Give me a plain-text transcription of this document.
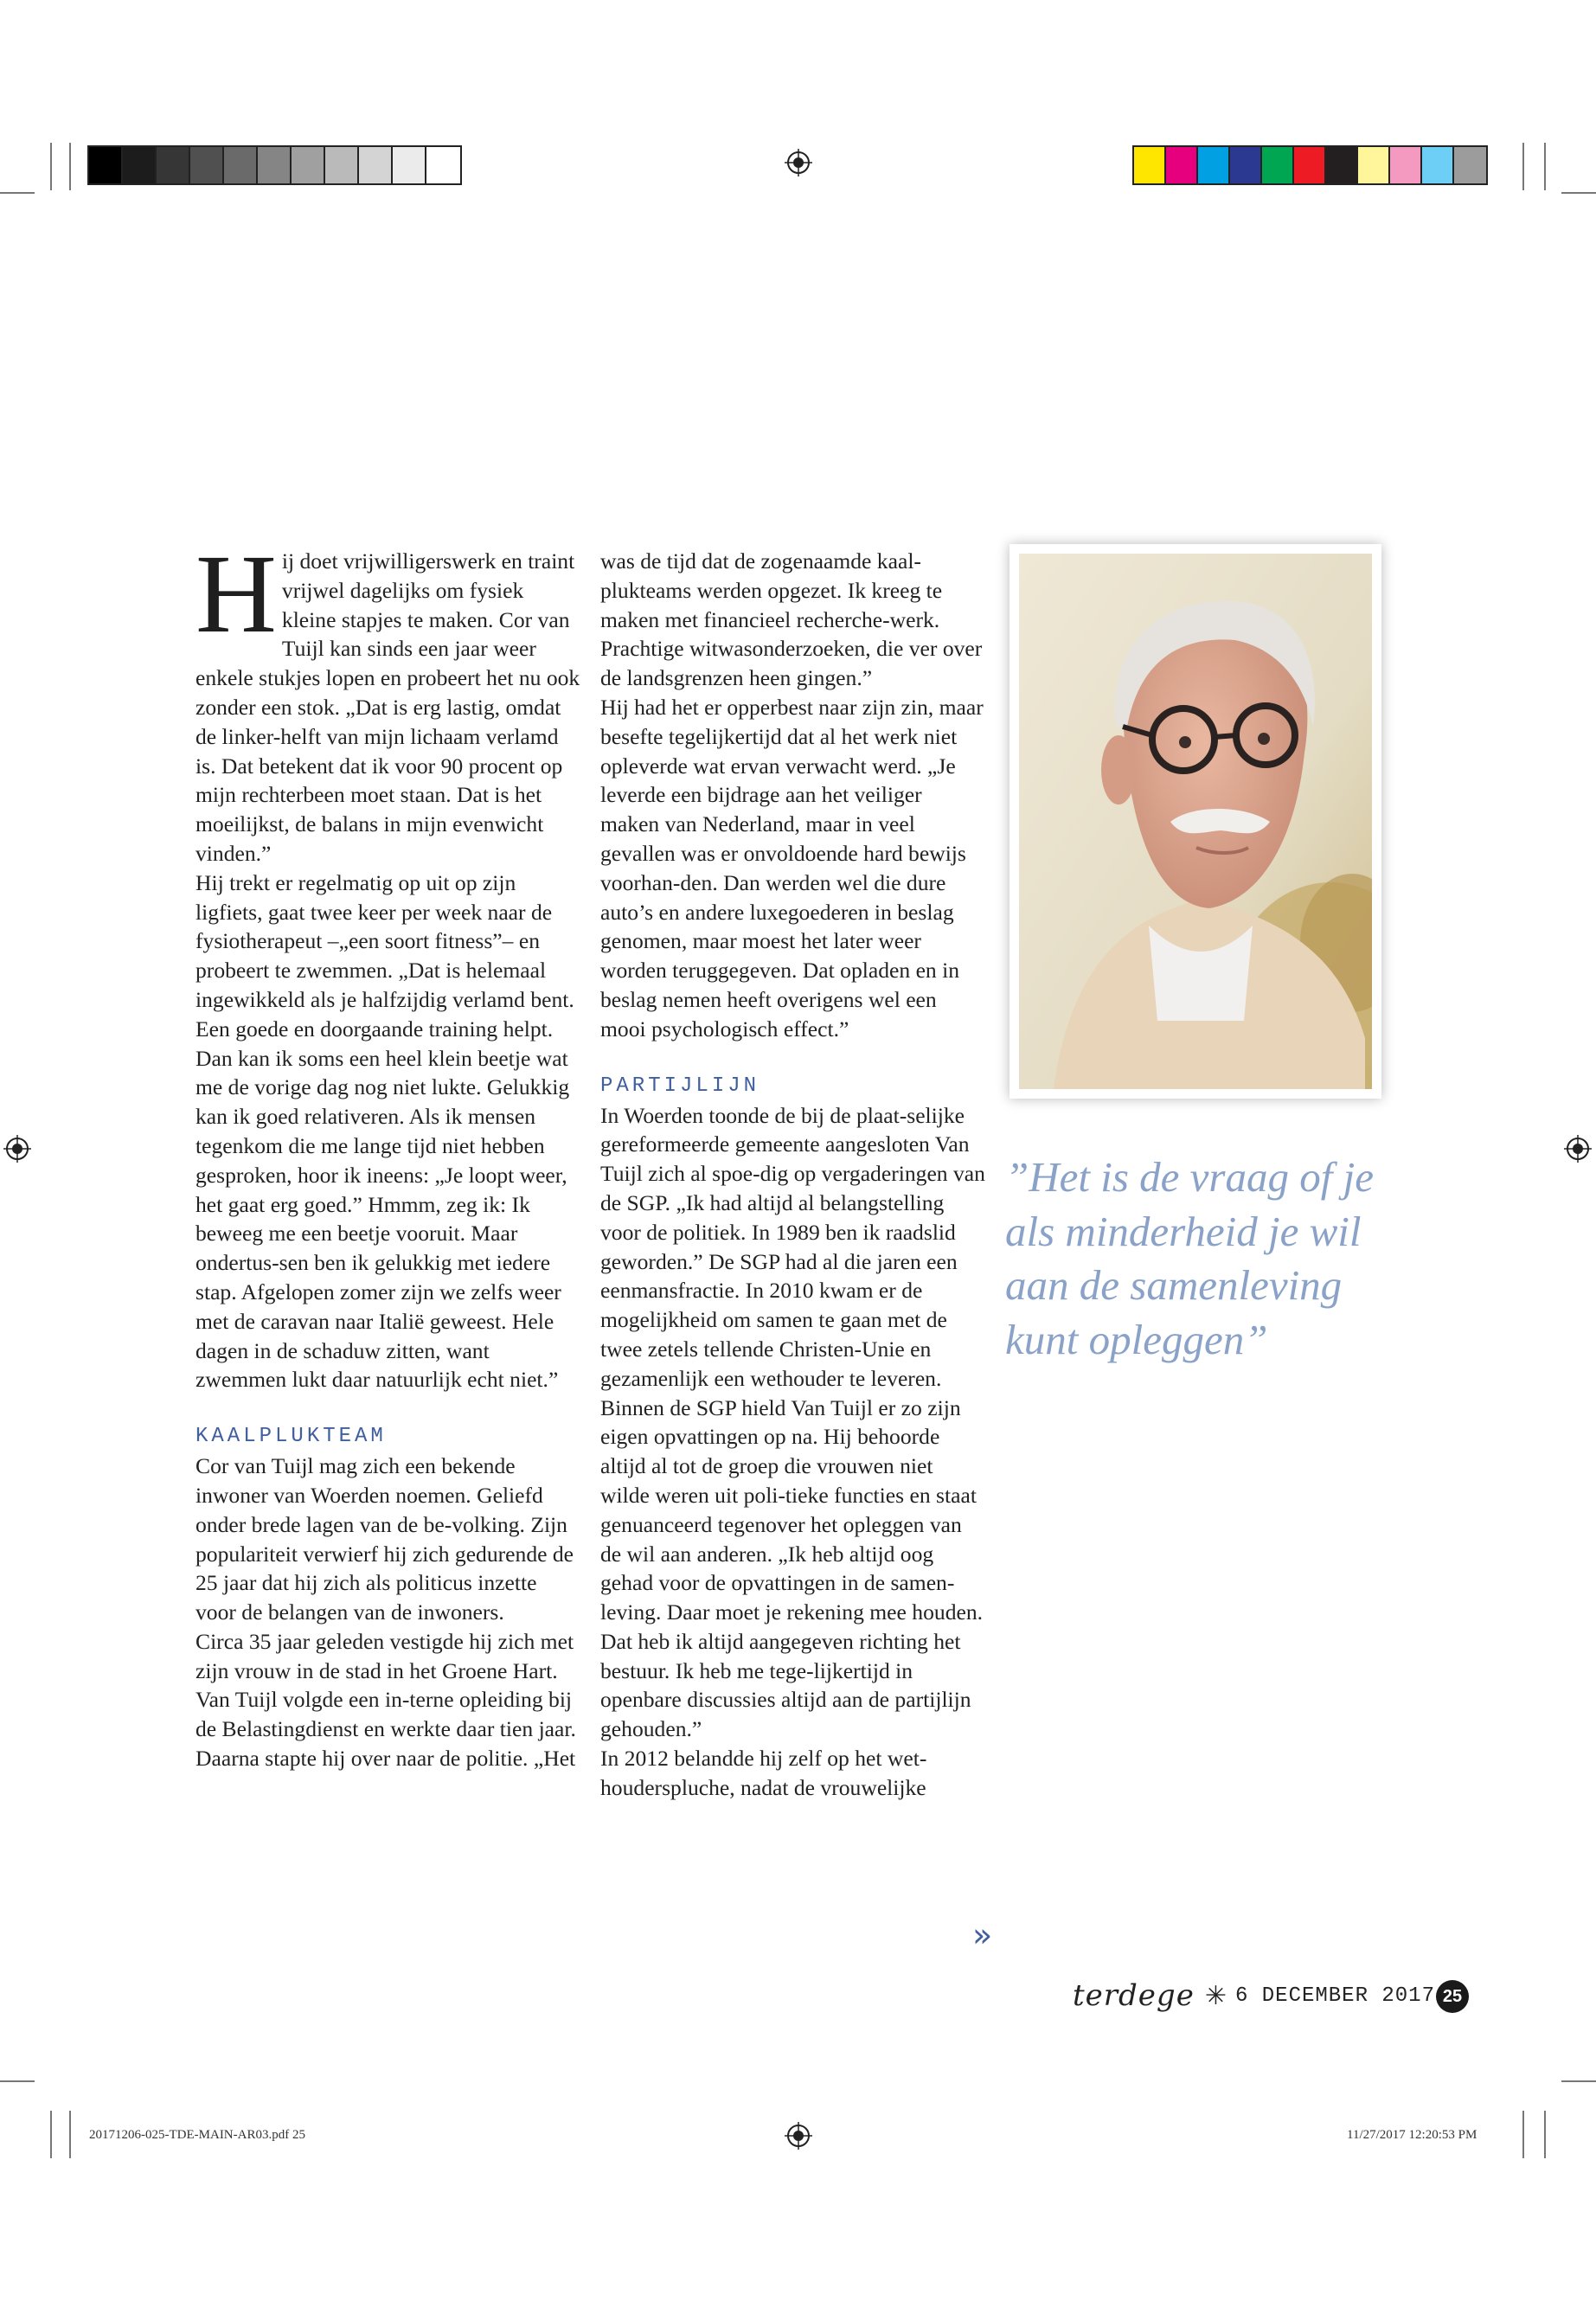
H ij doet vrijwilligerswerk en traint vrijwel dagelijks om fysiek kleine stapjes te maken. Cor van Tuijl kan sinds een jaar weer enkele stukjes lopen en probeert het nu ook zonder een stok. „Dat is erg lastig, omdat de linker-helft van mijn lichaam verlamd is. Dat betekent dat ik voor 90 procent op mijn rechterbeen moet staan. Dat is het moeilijkst, de balans in mijn evenwicht vinden.”

Hij trekt er regelmatig op uit op zijn ligfiets, gaat twee keer per week naar de fysiotherapeut –„een soort fitness”– en probeert te zwemmen. „Dat is helemaal ingewikkeld als je halfzijdig verlamd bent. Een goede en doorgaande training helpt. Dan kan ik soms een heel klein beetje wat me de vorige dag nog niet lukte. Gelukkig kan ik goed relativeren. Als ik mensen tegenkom die me lange tijd niet hebben gesproken, hoor ik ineens: „Je loopt weer, het gaat erg goed.” Hmmm, zeg ik: Ik beweeg me een beetje vooruit. Maar ondertus-sen ben ik gelukkig met iedere stap. Afgelopen zomer zijn we zelfs weer met de caravan naar Italië geweest. Hele dagen in de schaduw zitten, want zwemmen lukt daar natuurlijk echt niet.”

KAALPLUKTEAM

Cor van Tuijl mag zich een bekende inwoner van Woerden noemen. Geliefd onder brede lagen van de be-volking. Zijn populariteit verwierf hij zich gedurende de 25 jaar dat hij zich als politicus inzette voor de belangen van de inwoners.

Circa 35 jaar geleden vestigde hij zich met zijn vrouw in de stad in het Groene Hart. Van Tuijl volgde een in-terne opleiding bij de Belastingdienst en werkte daar tien jaar. Daarna stapte hij over naar de politie. „Het

was de tijd dat de zogenaamde kaal-plukteams werden opgezet. Ik kreeg te maken met financieel recherche-werk. Prachtige witwasonderzoeken, die ver over de landsgrenzen heen gingen.”

Hij had het er opperbest naar zijn zin, maar besefte tegelijkertijd dat al het werk niet opleverde wat ervan verwacht werd. „Je leverde een bijdrage aan het veiliger maken van Nederland, maar in veel gevallen was er onvoldoende hard bewijs voorhan-den. Dan werden wel die dure auto’s en andere luxegoederen in beslag genomen, maar moest het later weer worden teruggegeven. Dat opladen en in beslag nemen heeft overigens wel een mooi psychologisch effect.”

PARTIJLIJN

In Woerden toonde de bij de plaat-selijke gereformeerde gemeente aangesloten Van Tuijl zich al spoe-dig op vergaderingen van de SGP. „Ik had altijd al belangstelling voor de politiek. In 1989 ben ik raadslid geworden.” De SGP had al die jaren een eenmansfractie. In 2010 kwam er de mogelijkheid om samen te gaan met de twee zetels tellende Christen-Unie en gezamenlijk een wethouder te leveren.

Binnen de SGP hield Van Tuijl er zo zijn eigen opvattingen op na. Hij behoorde altijd al tot de groep die vrouwen niet wilde weren uit poli-tieke functies en staat genuanceerd tegenover het opleggen van de wil aan anderen. „Ik heb altijd oog gehad voor de opvattingen in de samen-leving. Daar moet je rekening mee houden. Dat heb ik altijd aangegeven richting het bestuur. Ik heb me tege-lijkertijd in openbare discussies altijd aan de partijlijn gehouden.”

In 2012 belandde hij zelf op het wet-houderspluche, nadat de vrouwelijke

»
”Het is de vraag of je als minderheid je wil aan de samenleving kunt opleggen”
terdege ✳ 6 DECEMBER 2017 25
20171206-025-TDE-MAIN-AR03.pdf 25	11/27/2017 12:20:53 PM
